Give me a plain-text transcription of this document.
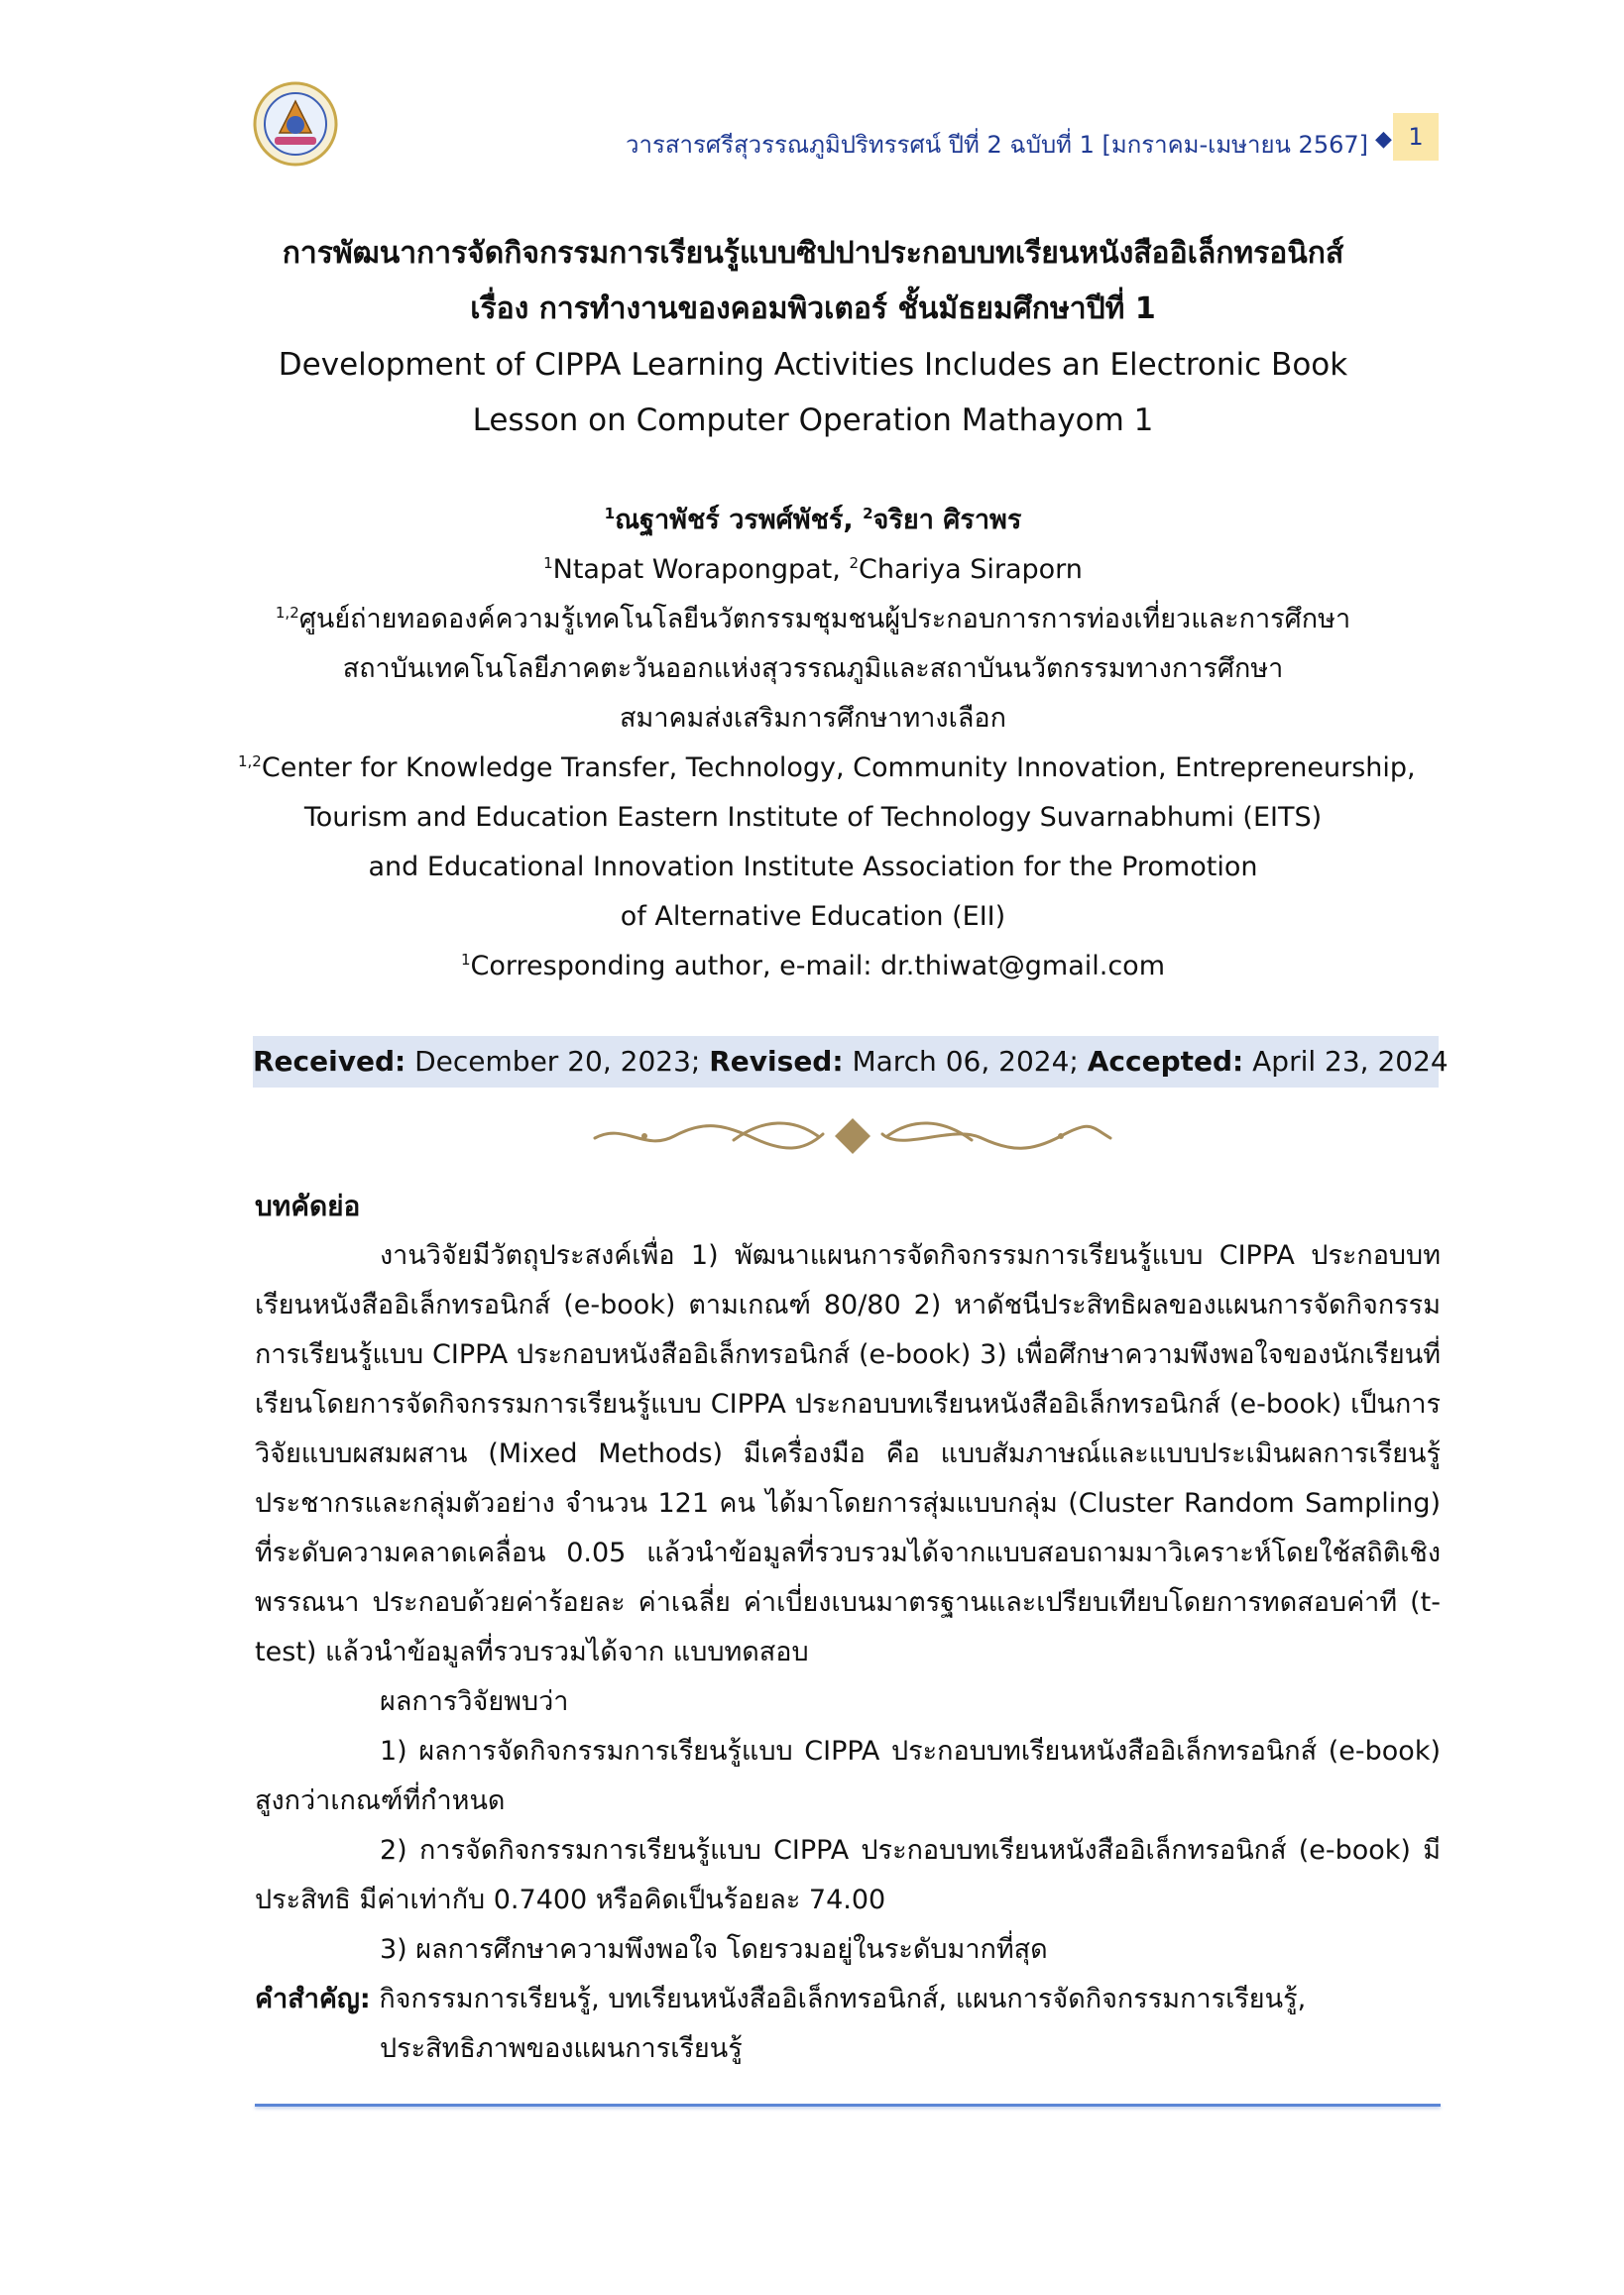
วารสารศรีสุวรรณภูมิปริทรรศน์ ปีที่ 2 ฉบับที่ 1 [มกราคม-เมษายน 2567] ◆ 1
การพัฒนาการจัดกิจกรรมการเรียนรู้แบบซิปปาประกอบบทเรียนหนังสืออิเล็กทรอนิกส์
เรื่อง การทำงานของคอมพิวเตอร์ ชั้นมัธยมศึกษาปีที่ 1
Development of CIPPA Learning Activities Includes an Electronic Book
Lesson on Computer Operation Mathayom 1
$^1$ณฐาพัชร์ วรพศ์พัชร์, $^2$จริยา ศิราพร
$^1$Ntapat Worapongpat, $^2$Chariya Siraporn
$^{1,2}$ศูนย์ถ่ายทอดองค์ความรู้เทคโนโลยีนวัตกรรมชุมชนผู้ประกอบการการท่องเที่ยวและการศึกษา
สถาบันเทคโนโลยีภาคตะวันออกแห่งสุวรรณภูมิและสถาบันนวัตกรรมทางการศึกษา
สมาคมส่งเสริมการศึกษาทางเลือก
$^{1,2}$Center for Knowledge Transfer, Technology, Community Innovation, Entrepreneurship,
Tourism and Education Eastern Institute of Technology Suvarnabhumi (EITS)
and Educational Innovation Institute Association for the Promotion
of Alternative Education (EII)
$^1$Corresponding author, e-mail: dr.thiwat@gmail.com
Received: December 20, 2023; Revised: March 06, 2024; Accepted: April 23, 2024
บทคัดย่อ

งานวิจัยมีวัตถุประสงค์เพื่อ 1) พัฒนาแผนการจัดกิจกรรมการเรียนรู้แบบ CIPPA ประกอบบทเรียนหนังสืออิเล็กทรอนิกส์ (e-book) ตามเกณฑ์ 80/80 2) หาดัชนีประสิทธิผลของแผนการจัดกิจกรรมการเรียนรู้แบบ CIPPA ประกอบหนังสืออิเล็กทรอนิกส์ (e-book) 3) เพื่อศึกษาความพึงพอใจของนักเรียนที่เรียนโดยการจัดกิจกรรมการเรียนรู้แบบ CIPPA ประกอบบทเรียนหนังสืออิเล็กทรอนิกส์ (e-book) เป็นการวิจัยแบบผสมผสาน (Mixed Methods) มีเครื่องมือ คือ แบบสัมภาษณ์และแบบประเมินผลการเรียนรู้ ประชากรและกลุ่มตัวอย่าง จำนวน 121 คน ได้มาโดยการสุ่มแบบกลุ่ม (Cluster Random Sampling) ที่ระดับความคลาดเคลื่อน 0.05 แล้วนำข้อมูลที่รวบรวมได้จากแบบสอบถามมาวิเคราะห์โดยใช้สถิติเชิงพรรณนา ประกอบด้วยค่าร้อยละ ค่าเฉลี่ย ค่าเบี่ยงเบนมาตรฐานและเปรียบเทียบโดยการทดสอบค่าที (t-test) แล้วนำข้อมูลที่รวบรวมได้จาก แบบทดสอบ

ผลการวิจัยพบว่า

1) ผลการจัดกิจกรรมการเรียนรู้แบบ CIPPA ประกอบบทเรียนหนังสืออิเล็กทรอนิกส์ (e-book) สูงกว่าเกณฑ์ที่กำหนด

2) การจัดกิจกรรมการเรียนรู้แบบ CIPPA ประกอบบทเรียนหนังสืออิเล็กทรอนิกส์ (e-book) มีประสิทธิ มีค่าเท่ากับ 0.7400 หรือคิดเป็นร้อยละ 74.00

3) ผลการศึกษาความพึงพอใจ โดยรวมอยู่ในระดับมากที่สุด

คำสำคัญ: กิจกรรมการเรียนรู้, บทเรียนหนังสืออิเล็กทรอนิกส์, แผนการจัดกิจกรรมการเรียนรู้,
ประสิทธิภาพของแผนการเรียนรู้
